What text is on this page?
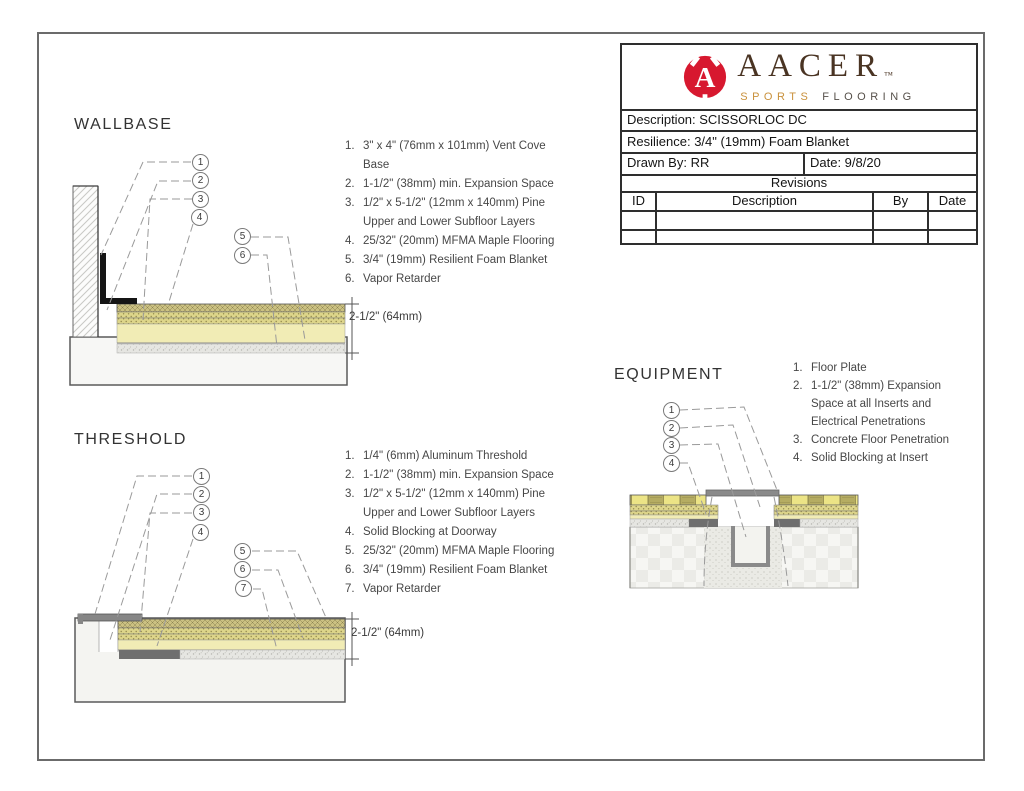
A AACER™
SPORTS FLOORING
Description: SCISSORLOC DC
Resilience: 3/4" (19mm) Foam Blanket
Drawn By: RR	Date: 9/8/20
Revisions
ID	Description	By	Date
WALLBASE
1
2
3
4
5
6
2-1/2" (64mm)
1. 3" x 4" (76mm x 101mm) Vent Cove Base
2. 1-1/2" (38mm) min. Expansion Space
3. 1/2" x 5-1/2" (12mm x 140mm) Pine Upper and Lower Subfloor Layers
4. 25/32" (20mm) MFMA Maple Flooring
5. 3/4" (19mm) Resilient Foam Blanket
6. Vapor Retarder
THRESHOLD
1
2
3
4
5
6
7
2-1/2" (64mm)
1. 1/4" (6mm) Aluminum Threshold
2. 1-1/2" (38mm) min. Expansion Space
3. 1/2" x 5-1/2" (12mm x 140mm) Pine Upper and Lower Subfloor Layers
4. Solid Blocking at Doorway
5. 25/32" (20mm) MFMA Maple Flooring
6. 3/4" (19mm) Resilient Foam Blanket
7. Vapor Retarder
EQUIPMENT
1
2
3
4
1. Floor Plate
2. 1-1/2" (38mm) Expansion Space at all Inserts and Electrical Penetrations
3. Concrete Floor Penetration
4. Solid Blocking at Insert
